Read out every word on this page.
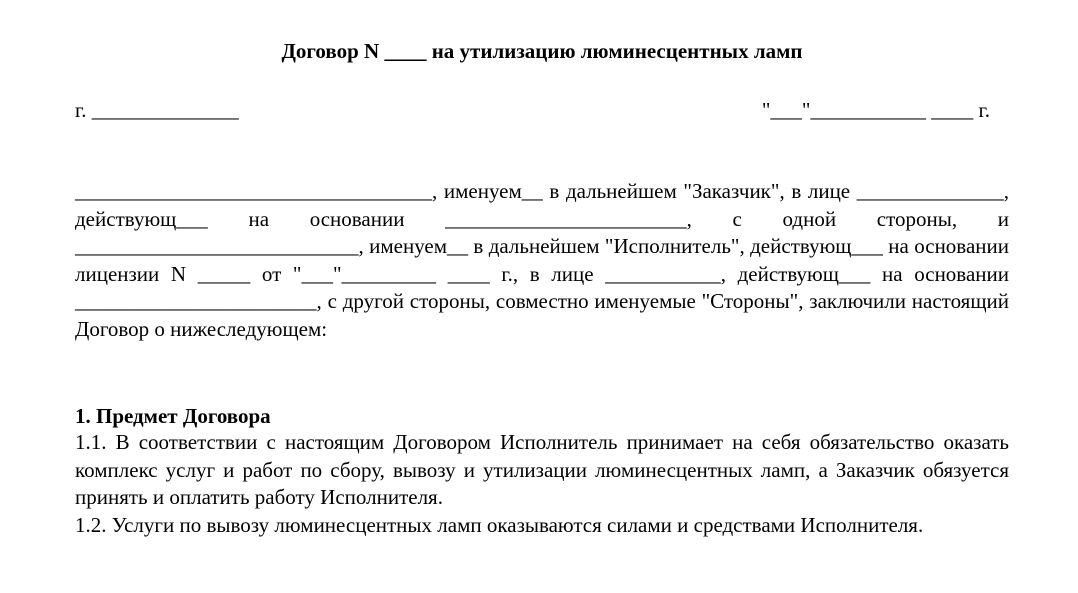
Договор N ____ на утилизацию люминесцентных ламп
г. ______________	"___"___________ ____ г.

__________________________________, именуем__ в дальнейшем "Заказчик", в лице ______________, действующ___ на основании _______________________, с одной стороны, и ___________________________, именуем__ в дальнейшем "Исполнитель", действующ___ на основании лицензии N _____ от "___"_________ ____ г., в лице ___________, действующ___ на основании _______________________, с другой стороны, совместно именуемые "Стороны", заключили настоящий Договор о нижеследующем:

1. Предмет Договора

1.1. В соответствии с настоящим Договором Исполнитель принимает на себя обязательство оказать комплекс услуг и работ по сбору, вывозу и утилизации люминесцентных ламп, а Заказчик обязуется принять и оплатить работу Исполнителя.

1.2. Услуги по вывозу люминесцентных ламп оказываются силами и средствами Исполнителя.
